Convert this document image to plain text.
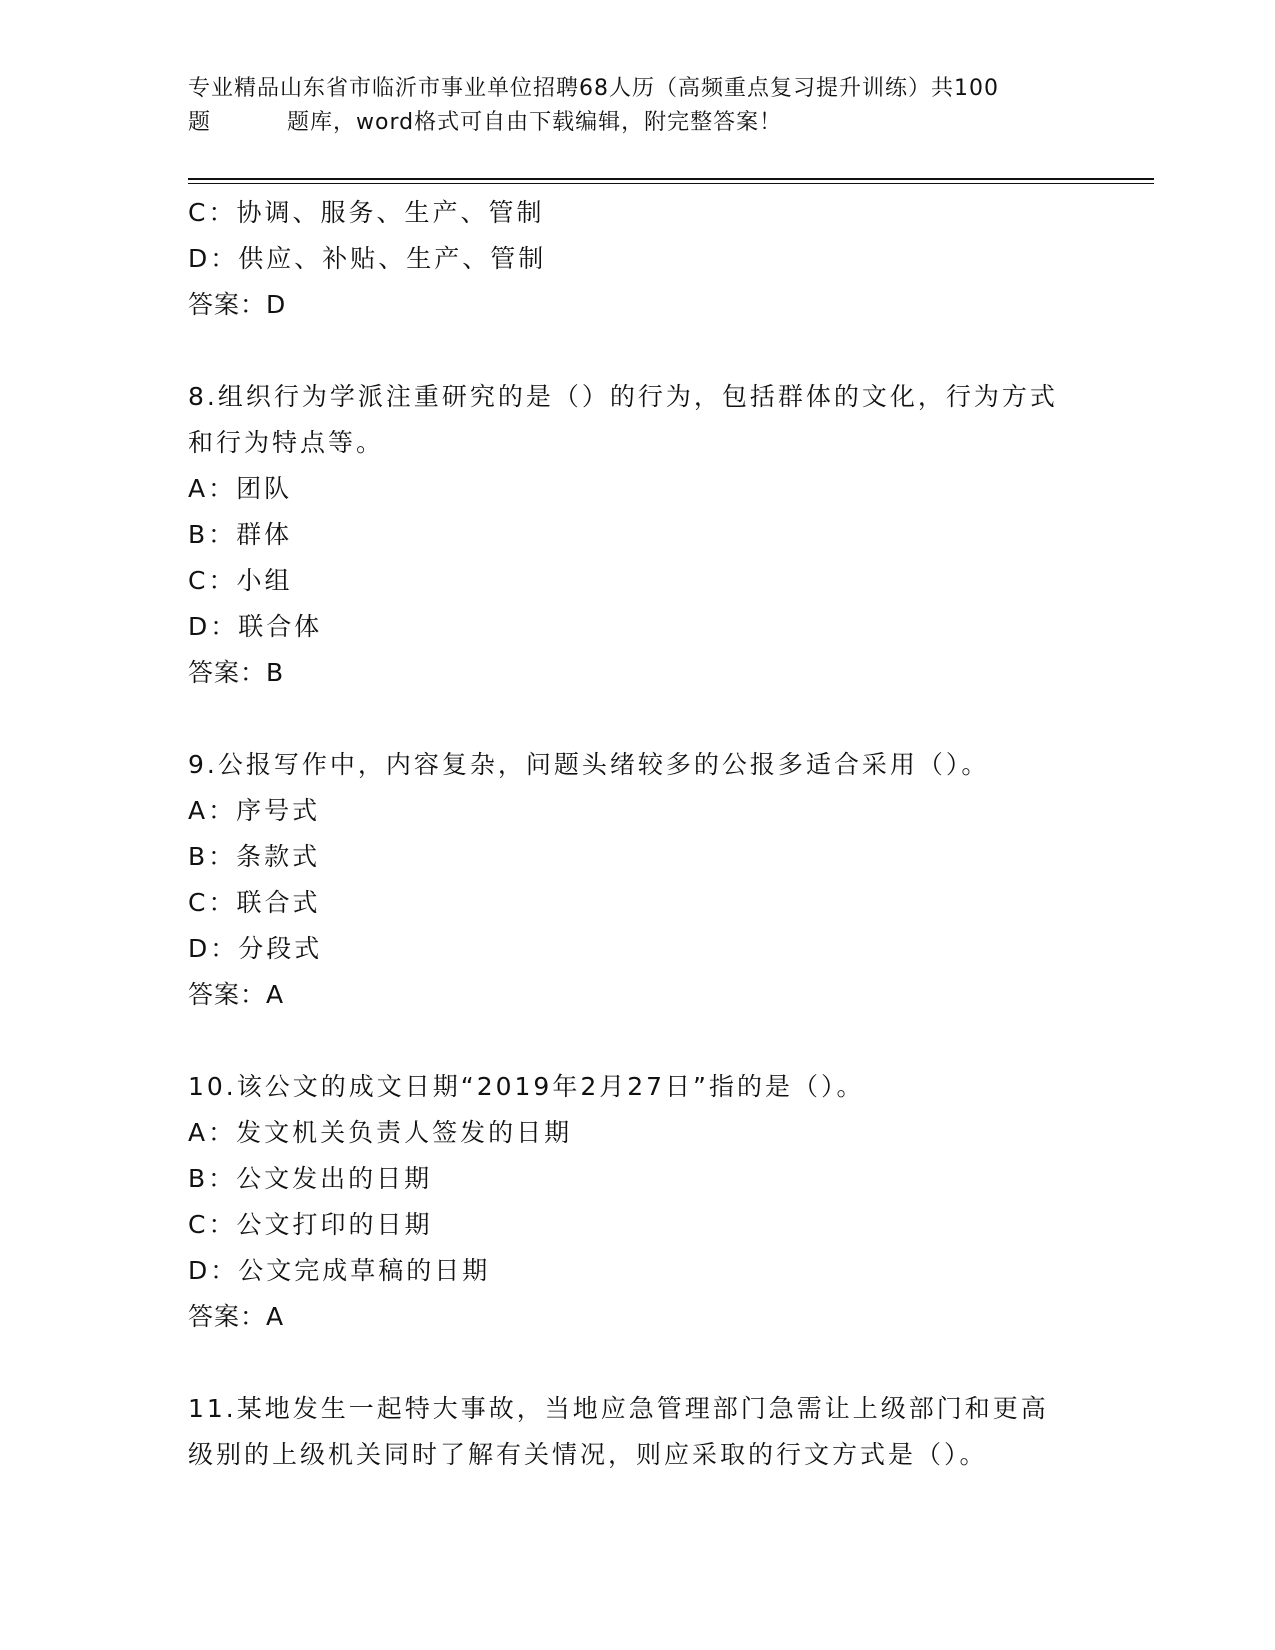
专业精品山东省市临沂市事业单位招聘68人历（高频重点复习提升训练）共100
题	题库，word格式可自由下载编辑，附完整答案！
C：协调、服务、生产、管制
D：供应、补贴、生产、管制
答案：D
8.组织行为学派注重研究的是（）的行为，包括群体的文化，行为方式和行为特点等。
A：团队
B：群体
C：小组
D：联合体
答案：B
9.公报写作中，内容复杂，问题头绪较多的公报多适合采用（）。
A：序号式
B：条款式
C：联合式
D：分段式
答案：A
10.该公文的成文日期“2019年2月27日”指的是（）。
A：发文机关负责人签发的日期
B：公文发出的日期
C：公文打印的日期
D：公文完成草稿的日期
答案：A
11.某地发生一起特大事故，当地应急管理部门急需让上级部门和更高级别的上级机关同时了解有关情况，则应采取的行文方式是（）。
